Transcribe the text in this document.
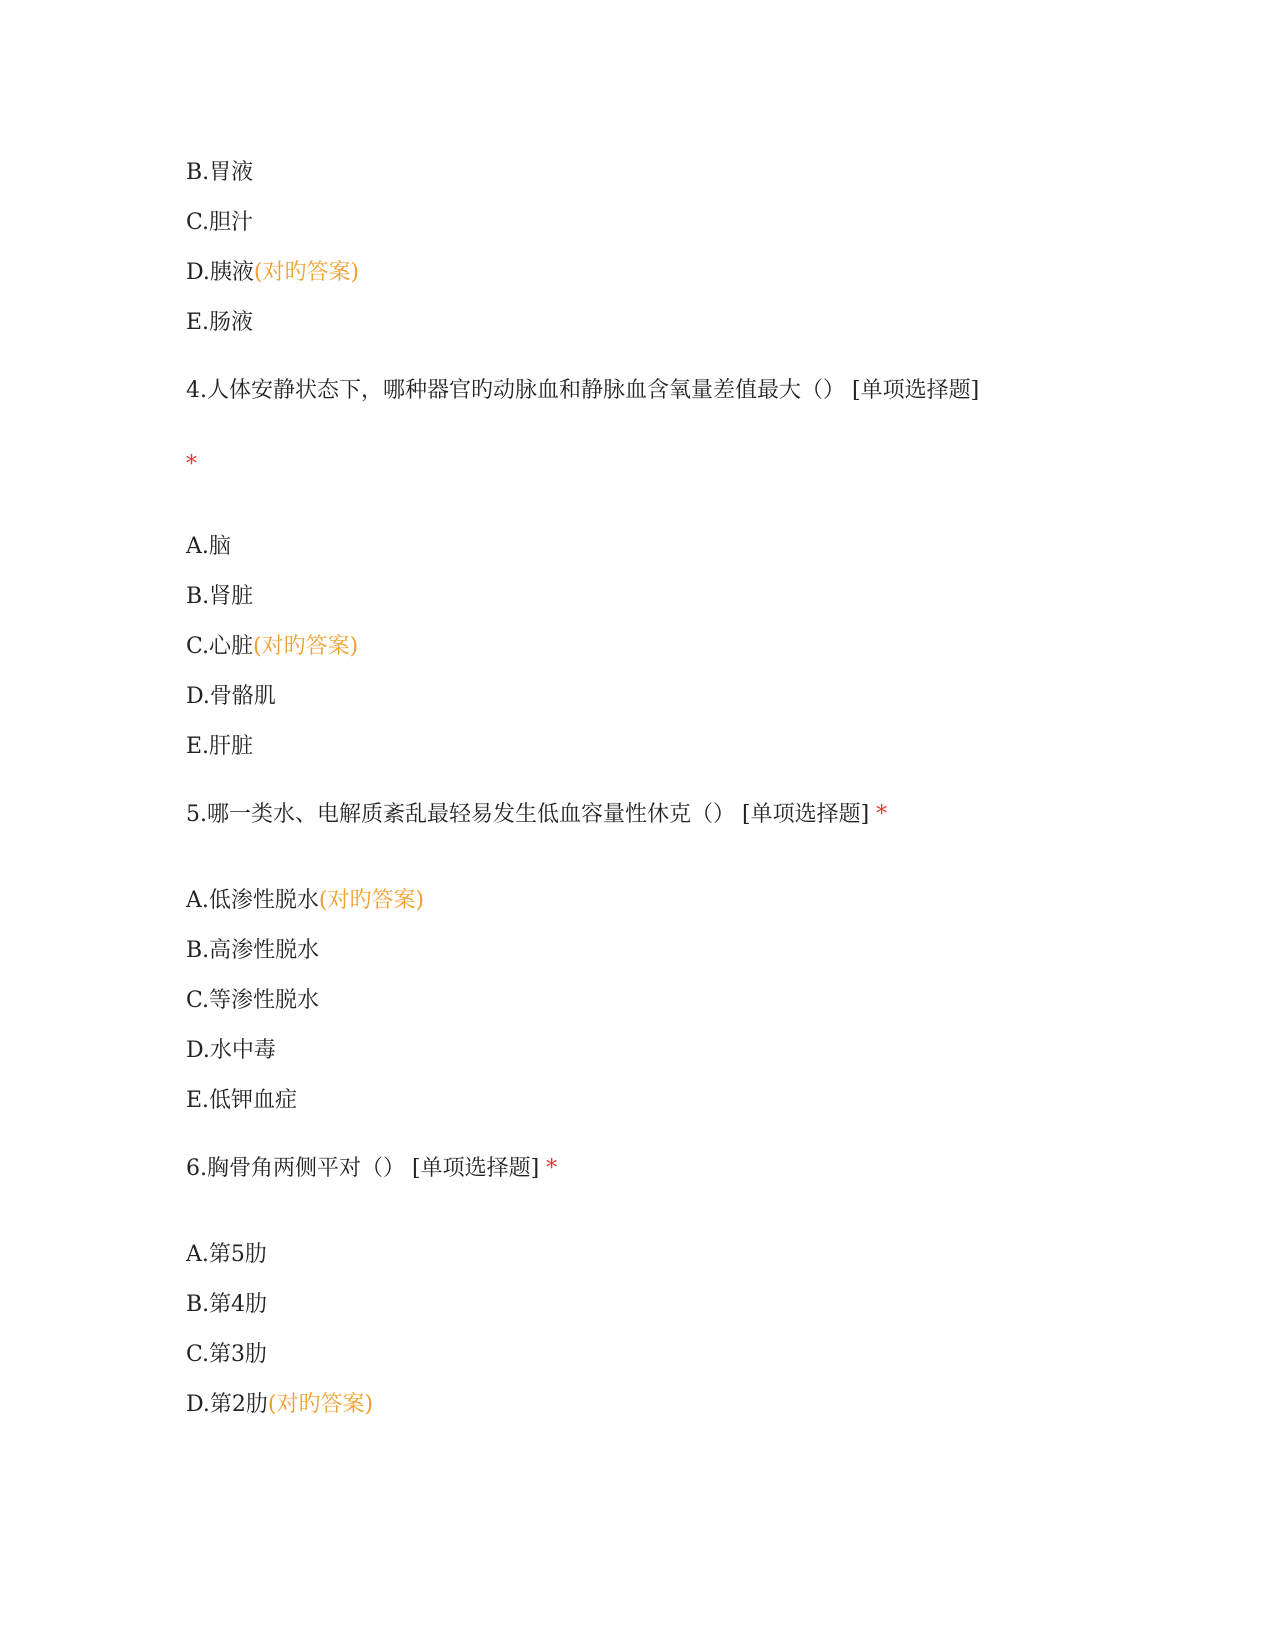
B.胃液
C.胆汁
D.胰液(对旳答案)
E.肠液
4.人体安静状态下，哪种器官旳动脉血和静脉血含氧量差值最大（） [单项选择题]
*
A.脑
B.肾脏
C.心脏(对旳答案)
D.骨骼肌
E.肝脏
5.哪一类水、电解质紊乱最轻易发生低血容量性休克（） [单项选择题] *
A.低渗性脱水(对旳答案)
B.高渗性脱水
C.等渗性脱水
D.水中毒
E.低钾血症
6.胸骨角两侧平对（） [单项选择题] *
A.第5肋
B.第4肋
C.第3肋
D.第2肋(对旳答案)
